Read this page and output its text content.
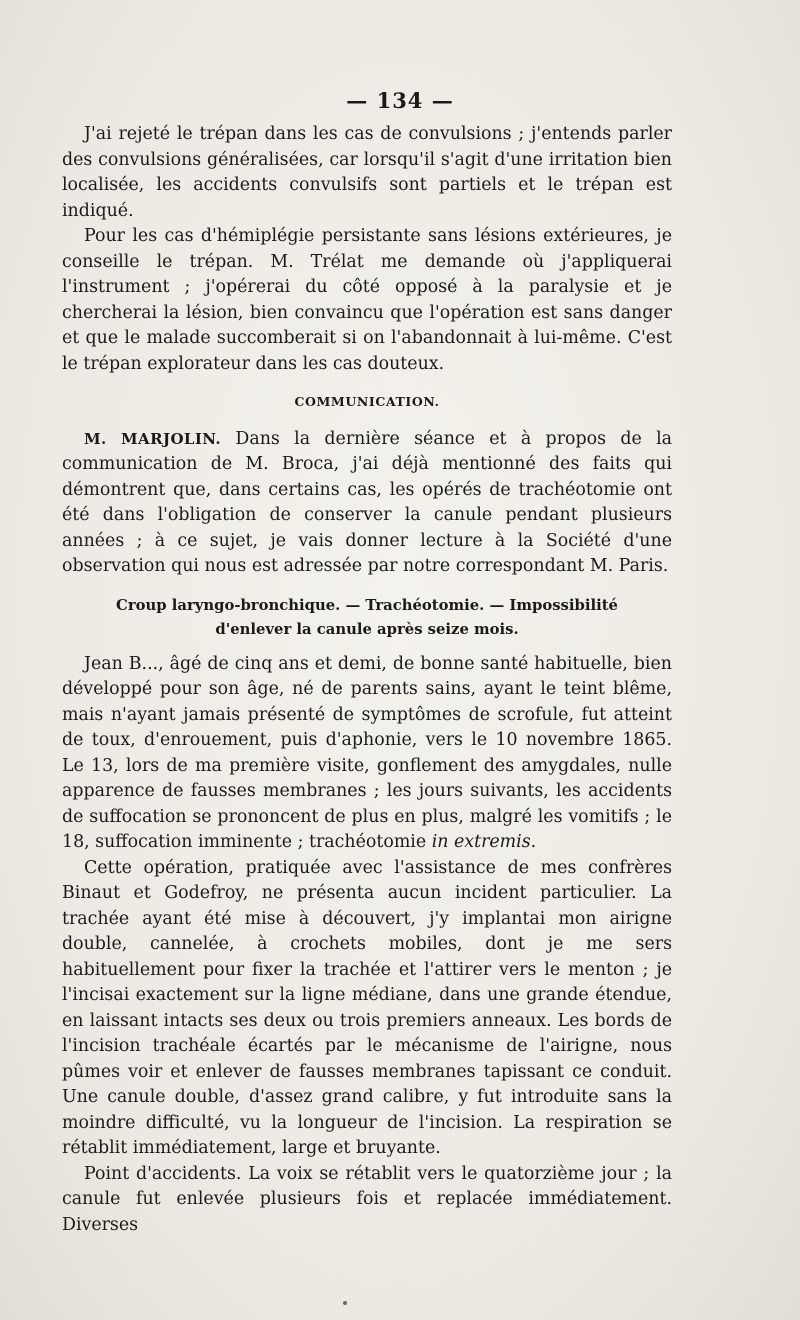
— 134 —

J'ai rejeté le trépan dans les cas de convulsions ; j'entends parler des convulsions généralisées, car lorsqu'il s'agit d'une irritation bien localisée, les accidents convulsifs sont partiels et le trépan est indiqué.

Pour les cas d'hémiplégie persistante sans lésions extérieures, je conseille le trépan. M. Trélat me demande où j'appliquerai l'instrument ; j'opérerai du côté opposé à la paralysie et je chercherai la lésion, bien convaincu que l'opération est sans danger et que le malade succomberait si on l'abandonnait à lui-même. C'est le trépan explorateur dans les cas douteux.

COMMUNICATION.

M. MARJOLIN. Dans la dernière séance et à propos de la communication de M. Broca, j'ai déjà mentionné des faits qui démontrent que, dans certains cas, les opérés de trachéotomie ont été dans l'obligation de conserver la canule pendant plusieurs années ; à ce sujet, je vais donner lecture à la Société d'une observation qui nous est adressée par notre correspondant M. Paris.

Croup laryngo-bronchique. — Trachéotomie. — Impossibilité
d'enlever la canule après seize mois.

Jean B..., âgé de cinq ans et demi, de bonne santé habituelle, bien développé pour son âge, né de parents sains, ayant le teint blême, mais n'ayant jamais présenté de symptômes de scrofule, fut atteint de toux, d'enrouement, puis d'aphonie, vers le 10 novembre 1865. Le 13, lors de ma première visite, gonflement des amygdales, nulle apparence de fausses membranes ; les jours suivants, les accidents de suffocation se prononcent de plus en plus, malgré les vomitifs ; le 18, suffocation imminente ; trachéotomie in extremis.

Cette opération, pratiquée avec l'assistance de mes confrères Binaut et Godefroy, ne présenta aucun incident particulier. La trachée ayant été mise à découvert, j'y implantai mon airigne double, cannelée, à crochets mobiles, dont je me sers habituellement pour fixer la trachée et l'attirer vers le menton ; je l'incisai exactement sur la ligne médiane, dans une grande étendue, en laissant intacts ses deux ou trois premiers anneaux. Les bords de l'incision trachéale écartés par le mécanisme de l'airigne, nous pûmes voir et enlever de fausses membranes tapissant ce conduit. Une canule double, d'assez grand calibre, y fut introduite sans la moindre difficulté, vu la longueur de l'incision. La respiration se rétablit immédiatement, large et bruyante.

Point d'accidents. La voix se rétablit vers le quatorzième jour ; la canule fut enlevée plusieurs fois et replacée immédiatement. Diverses
